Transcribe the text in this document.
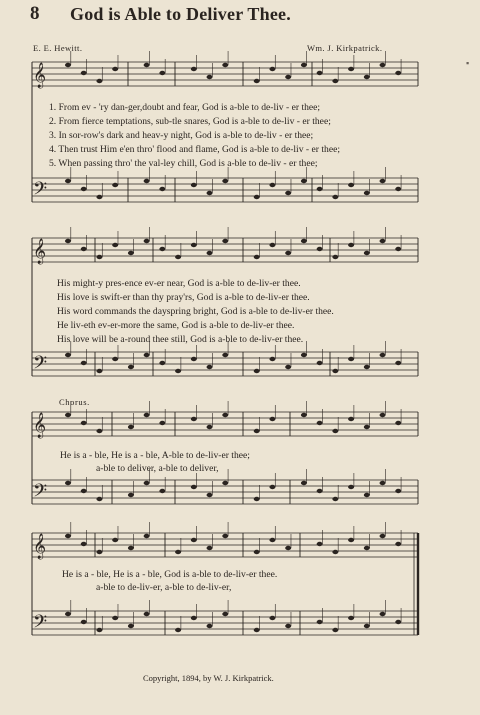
8 God is Able to Deliver Thee.
E. E. Hewitt.	Wm. J. Kirkpatrick.
𝄞
𝄢
𝄞
𝄢
𝄞
𝄢
𝄞
𝄢
1. From ev - 'ry dan-ger,doubt and fear, God is a-ble to de-liv - er thee;
2. From fierce temptations, sub-tle snares, God is a-ble to de-liv - er thee;
3. In sor-row's dark and heav-y night, God is a-ble to de-liv - er thee;
4. Then trust Him e'en thro' flood and flame, God is a-ble to de-liv - er thee;
5. When passing thro' the val-ley chill, God is a-ble to de-liv - er thee;
His might-y pres-ence ev-er near, God is a-ble to de-liv-er thee.
His love is swift-er than thy pray'rs, God is a-ble to de-liv-er thee.
His word commands the dayspring bright, God is a-ble to de-liv-er thee.
He liv-eth ev-er-more the same, God is a-ble to de-liv-er thee.
His love will be a-round thee still, God is a-ble to de-liv-er thee.
Chorus.
He is a - ble, He is a - ble, A-ble to de-liv-er thee;
a-ble to deliver, a-ble to deliver,
He is a - ble, He is a - ble, God is a-ble to de-liv-er thee.
a-ble to de-liv-er, a-ble to de-liv-er,
Copyright, 1894, by W. J. Kirkpatrick.
▪
